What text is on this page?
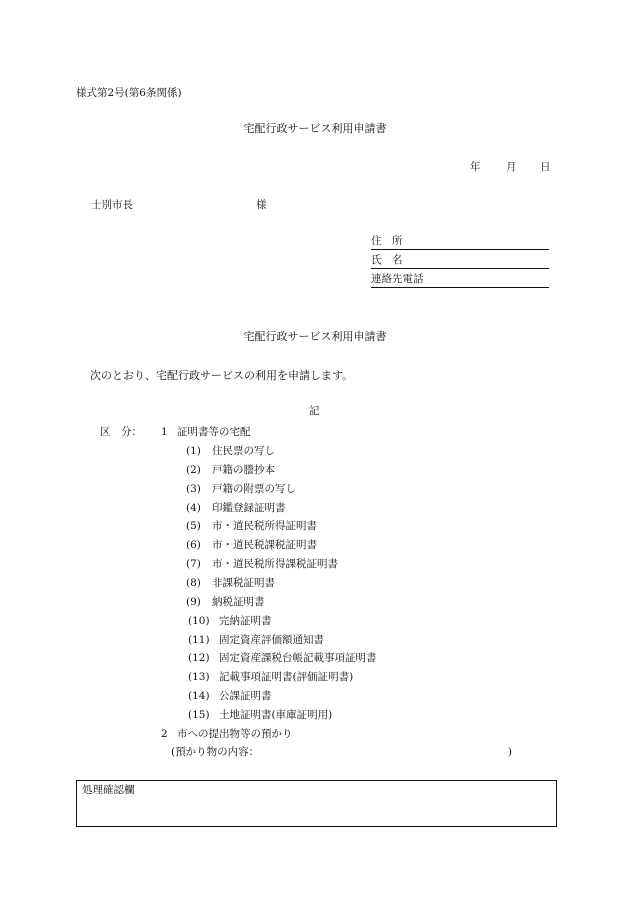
様式第2号(第6条関係)
宅配行政サービス利用申請書
年 月 日
士別市長	様
住　所
氏　名
連絡先電話
宅配行政サービス利用申請書
次のとおり、宅配行政サービスの利用を申請します。
記
区　分： 1 証明書等の宅配
(1) 住民票の写し
(2) 戸籍の謄抄本
(3) 戸籍の附票の写し
(4) 印鑑登録証明書
(5) 市・道民税所得証明書
(6) 市・道民税課税証明書
(7) 市・道民税所得課税証明書
(8) 非課税証明書
(9) 納税証明書
(10) 完納証明書
(11) 固定資産評価額通知書
(12) 固定資産課税台帳記載事項証明書
(13) 記載事項証明書(評価証明書)
(14) 公課証明書
(15) 土地証明書(車庫証明用)
2 市への提出物等の預かり
(預かり物の内容：	)
処理確認欄
